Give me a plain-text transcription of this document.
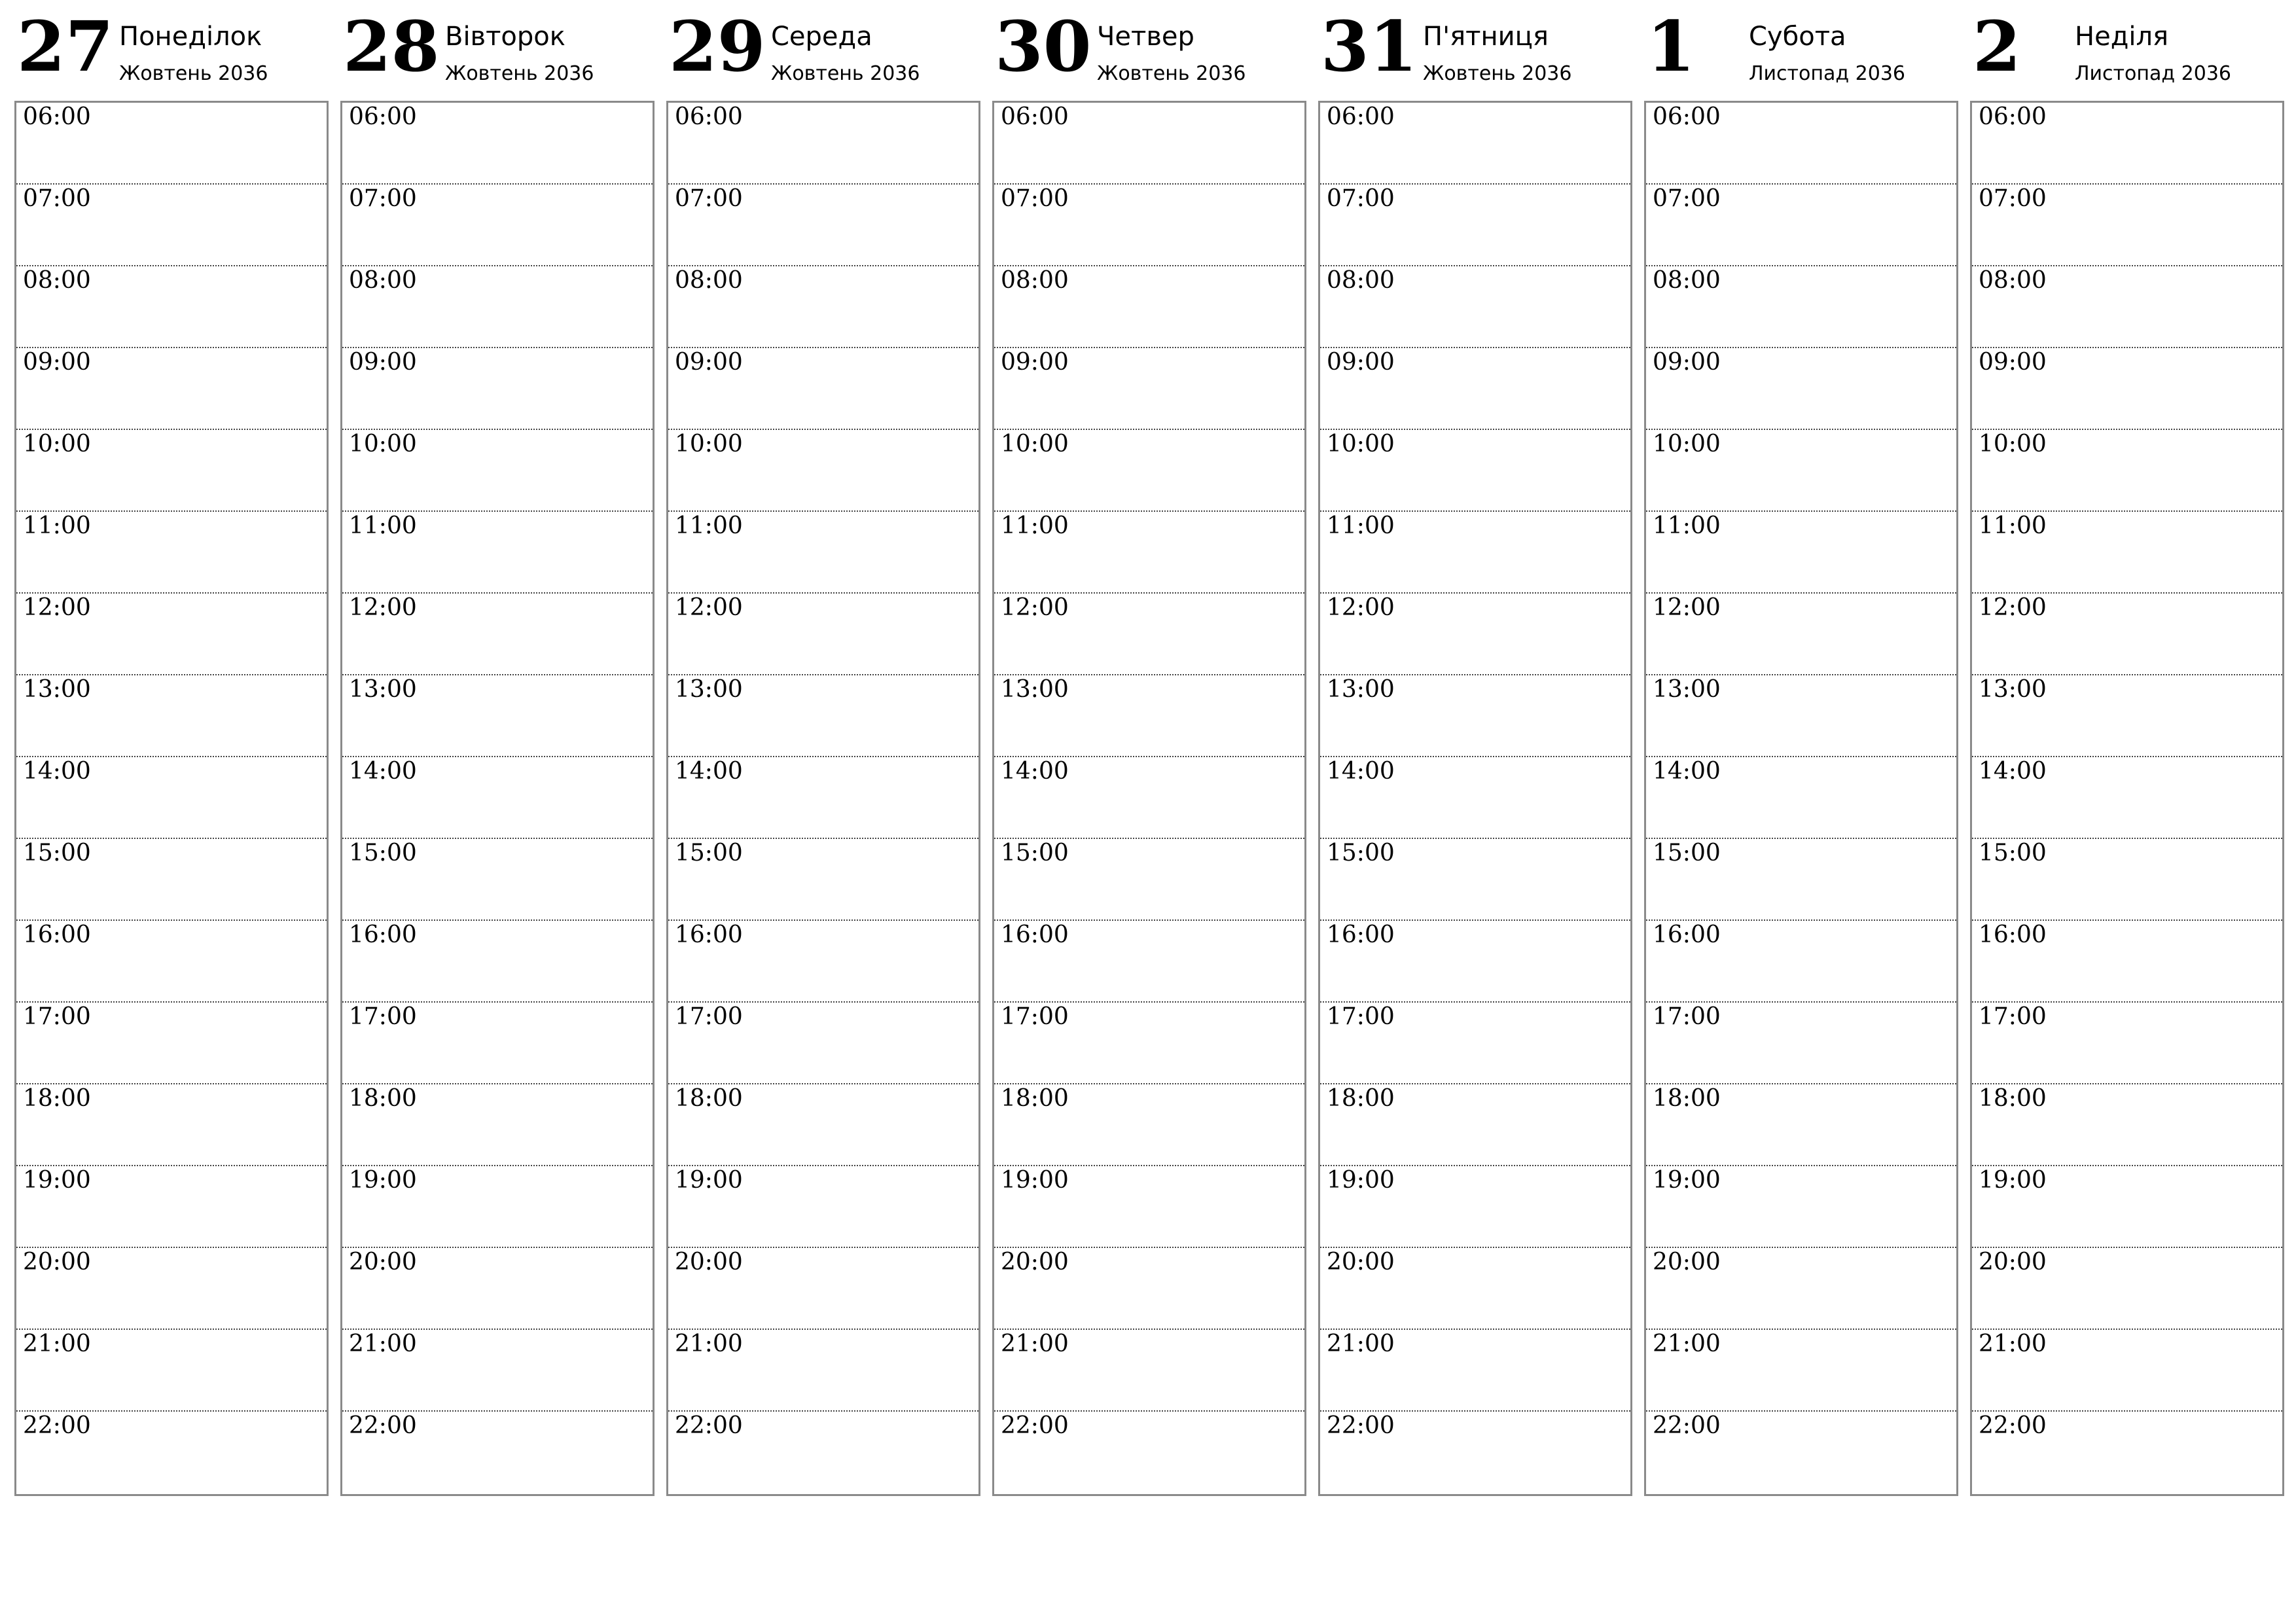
27 Понеділок
Жовтень 2036
06:00
07:00
08:00
09:00
10:00
11:00
12:00
13:00
14:00
15:00
16:00
17:00
18:00
19:00
20:00
21:00
22:00
28 Вівторок
Жовтень 2036
06:00
07:00
08:00
09:00
10:00
11:00
12:00
13:00
14:00
15:00
16:00
17:00
18:00
19:00
20:00
21:00
22:00
29 Середа
Жовтень 2036
06:00
07:00
08:00
09:00
10:00
11:00
12:00
13:00
14:00
15:00
16:00
17:00
18:00
19:00
20:00
21:00
22:00
30 Четвер
Жовтень 2036
06:00
07:00
08:00
09:00
10:00
11:00
12:00
13:00
14:00
15:00
16:00
17:00
18:00
19:00
20:00
21:00
22:00
31 П'ятниця
Жовтень 2036
06:00
07:00
08:00
09:00
10:00
11:00
12:00
13:00
14:00
15:00
16:00
17:00
18:00
19:00
20:00
21:00
22:00
1 Субота
Листопад 2036
06:00
07:00
08:00
09:00
10:00
11:00
12:00
13:00
14:00
15:00
16:00
17:00
18:00
19:00
20:00
21:00
22:00
2 Неділя
Листопад 2036
06:00
07:00
08:00
09:00
10:00
11:00
12:00
13:00
14:00
15:00
16:00
17:00
18:00
19:00
20:00
21:00
22:00
